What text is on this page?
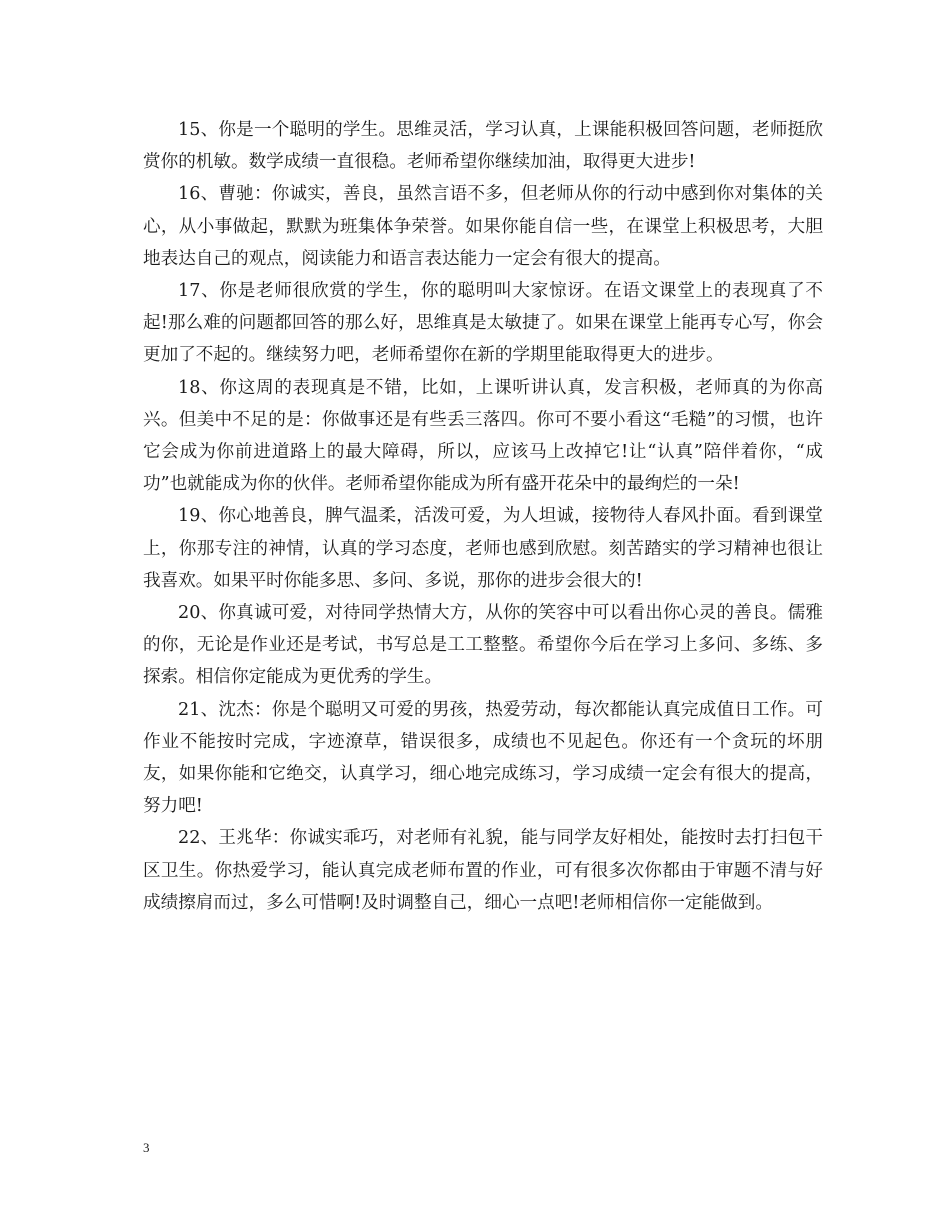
15、你是一个聪明的学生。思维灵活，学习认真，上课能积极回答问题，老师挺欣赏你的机敏。数学成绩一直很稳。老师希望你继续加油，取得更大进步!

16、曹驰：你诚实，善良，虽然言语不多，但老师从你的行动中感到你对集体的关心，从小事做起，默默为班集体争荣誉。如果你能自信一些，在课堂上积极思考，大胆地表达自己的观点，阅读能力和语言表达能力一定会有很大的提高。

17、你是老师很欣赏的学生，你的聪明叫大家惊讶。在语文课堂上的表现真了不起!那么难的问题都回答的那么好，思维真是太敏捷了。如果在课堂上能再专心写，你会更加了不起的。继续努力吧，老师希望你在新的学期里能取得更大的进步。

18、你这周的表现真是不错，比如，上课听讲认真，发言积极，老师真的为你高兴。但美中不足的是：你做事还是有些丢三落四。你可不要小看这“毛糙”的习惯，也许它会成为你前进道路上的最大障碍，所以，应该马上改掉它!让“认真”陪伴着你，“成功”也就能成为你的伙伴。老师希望你能成为所有盛开花朵中的最绚烂的一朵!

19、你心地善良，脾气温柔，活泼可爱，为人坦诚，接物待人春风扑面。看到课堂上，你那专注的神情，认真的学习态度，老师也感到欣慰。刻苦踏实的学习精神也很让我喜欢。如果平时你能多思、多问、多说，那你的进步会很大的!

20、你真诚可爱，对待同学热情大方，从你的笑容中可以看出你心灵的善良。儒雅的你，无论是作业还是考试，书写总是工工整整。希望你今后在学习上多问、多练、多探索。相信你定能成为更优秀的学生。

21、沈杰：你是个聪明又可爱的男孩，热爱劳动，每次都能认真完成值日工作。可作业不能按时完成，字迹潦草，错误很多，成绩也不见起色。你还有一个贪玩的坏朋友，如果你能和它绝交，认真学习，细心地完成练习，学习成绩一定会有很大的提高，努力吧!

22、王兆华：你诚实乖巧，对老师有礼貌，能与同学友好相处，能按时去打扫包干区卫生。你热爱学习，能认真完成老师布置的作业，可有很多次你都由于审题不清与好成绩擦肩而过，多么可惜啊!及时调整自己，细心一点吧!老师相信你一定能做到。

3
